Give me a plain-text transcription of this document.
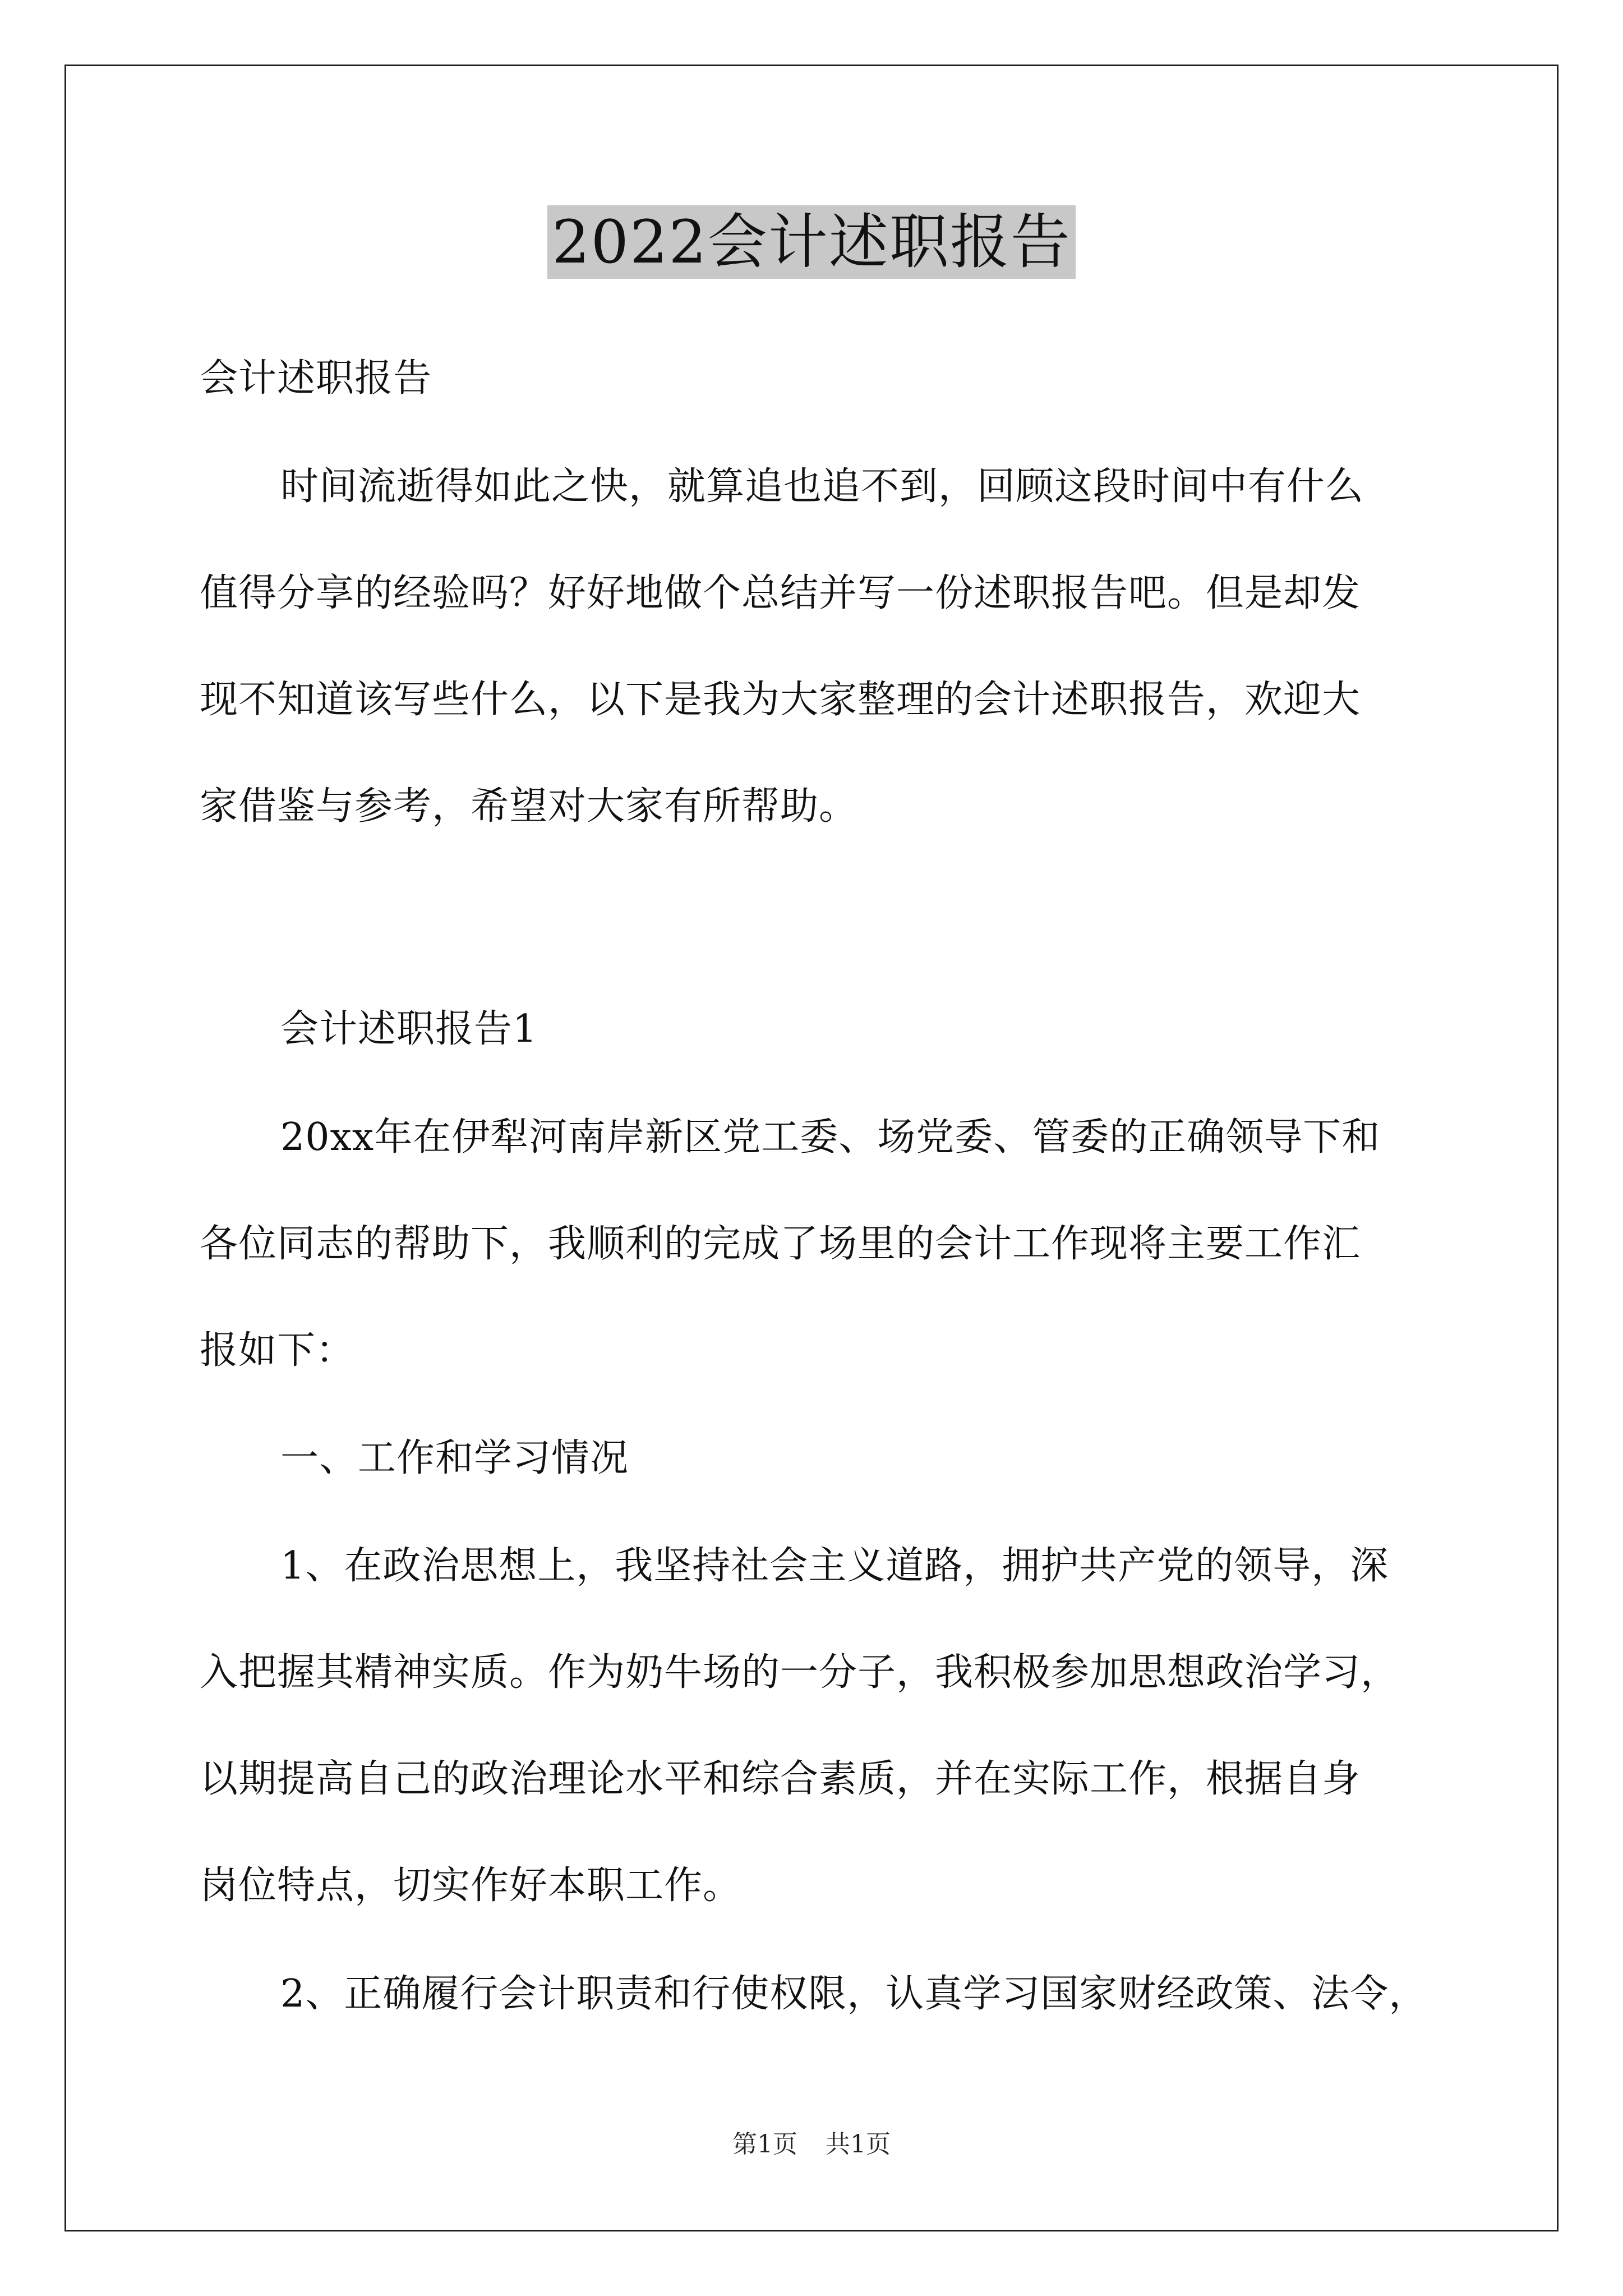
2022会计述职报告
会计述职报告
时间流逝得如此之快，就算追也追不到，回顾这段时间中有什么
值得分享的经验吗？好好地做个总结并写一份述职报告吧。但是却发
现不知道该写些什么，以下是我为大家整理的会计述职报告，欢迎大
家借鉴与参考，希望对大家有所帮助。
会计述职报告1
20xx年在伊犁河南岸新区党工委、场党委、管委的正确领导下和
各位同志的帮助下，我顺利的完成了场里的会计工作现将主要工作汇
报如下：
一、工作和学习情况
1、在政治思想上，我坚持社会主义道路，拥护共产党的领导，深
入把握其精神实质。作为奶牛场的一分子，我积极参加思想政治学习，
以期提高自己的政治理论水平和综合素质，并在实际工作，根据自身
岗位特点，切实作好本职工作。
2、正确履行会计职责和行使权限，认真学习国家财经政策、法令，
第1页 共1页
